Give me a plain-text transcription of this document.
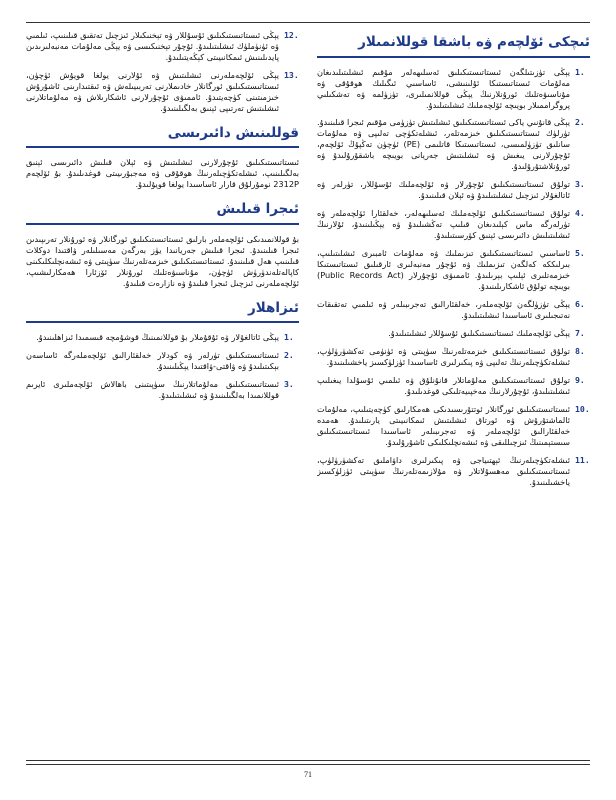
ئىچكى ئۆلچەم ۋە باشقا قوللانمىلار
1.
يېڭى تۈزىتىلگەن ئىستاتىستىكىلىق ئەسلىھەلەر مۇقىم ئىشلىتىلىدىغان مەلۇمات ئىستاتىستىكا ئۇلىنىشى، ئاساسىي ئىگىلىك ھوقۇقى ۋە مۇناسىۋەتلىك ئورۇنلارنىڭ يېڭى قوللانمىلىرى، تۈزۈلمە ۋە تەشكىلىي پروگراممىلار بويىچە ئۆلچەملىك ئىشلىتىلىدۇ.
2.
يېڭى قانۇنىي ياكى ئىستاتىستىكىلىق ئىشلىتىش تۈزۈمى مۇقىم ئىجرا قىلىنىدۇ. تۈرلۈك ئىستاتىستىكىلىق خىزمەتلەر، ئىشلەتكۈچى تەلىپى ۋە مەلۇمات سانلىق تۈزۈلمىسى، ئىستاتىستىكا قاتلىمى (PE) ئۈچۈن تەڭپۇڭ ئۆلچەم، ئۇچۇرلارنى يىغىش ۋە ئىشلىتىش جەريانى بويىچە باشقۇرۇلىدۇ ۋە ئورۇنلاشتۇرۇلىدۇ.
3.
تولۇق ئىستاتىستىكىلىق ئۇچۇرلار ۋە ئۆلچەملىك ئۇسۇللار، تۈرلەر ۋە ئاتالغۇلار ئىزچىل ئىشلىتىلىدۇ ۋە ئېلان قىلىنىدۇ.
4.
تولۇق ئىستاتىستىكىلىق ئۆلچەملىك ئەسلىھەلەر، خەلقئارا ئۆلچەملەر ۋە تۈرلەرگە ماس كېلىدىغان قىلىپ تەڭشىلىدۇ ۋە يېڭىلىنىدۇ، ئۇلارنىڭ ئىشلىتىلىش دائىرىسى ئېنىق كۆرسىتىلىدۇ.
5.
ئاساسىي ئىستاتىستىكىلىق تىزىملىك ۋە مەلۇمات ئامبىرى ئىشلىتىلىپ، بىرلىككە كەلگەن تىزىملىك ۋە ئۇچۇر مەنبەلىرى ئارقىلىق ئىستاتىستىكا خىزمەتلىرى ئېلىپ بېرىلىدۇ. ئاممىۋى ئۇچۇرلار (Public Records Act) بويىچە تولۇق ئاشكارىلىنىدۇ.
6.
يېڭى تۈزۈلگەن ئۆلچەملەر، خەلقئارالىق تەجرىبىلەر ۋە ئىلمىي تەتقىقات نەتىجىلىرى ئاساسىدا ئىشلىتىلىدۇ.
7.
يېڭى ئۆلچەملىك ئىستاتىستىكىلىق ئۇسۇللار ئىشلىتىلىدۇ.
8.
تولۇق ئىستاتىستىكىلىق خىزمەتلەرنىڭ سۈپىتى ۋە ئۈنۈمى تەكشۈرۈلۈپ، ئىشلەتكۈچىلەرنىڭ تەلىپى ۋە پىكىرلىرى ئاساسىدا ئۈزلۈكسىز ياخشىلىنىدۇ.
9.
تولۇق ئىستاتىستىكىلىق مەلۇماتلار قانۇنلۇق ۋە ئىلمىي ئۇسۇلدا يىغىلىپ ئىشلىتىلىدۇ، ئۇچۇرلارنىڭ مەخپىيەتلىكى قوغدىلىدۇ.
10.
ئىستاتىستىكىلىق ئورگانلار ئوتتۇرىسىدىكى ھەمكارلىق كۈچەيتىلىپ، مەلۇمات ئالماشتۇرۇش ۋە ئورتاق ئىشلىتىش ئىمكانىيىتى يارىتىلىدۇ. ھەمدە خەلقئارالىق ئۆلچەملەر ۋە تەجرىبىلەر ئاساسىدا ئىستاتىستىكىلىق سىستېمىنىڭ ئىزچىللىقى ۋە ئىشەنچلىكلىكى ئاشۇرۇلىدۇ.
11.
ئىشلەتكۈچىلەرنىڭ ئېھتىياجى ۋە پىكىرلىرى داۋاملىق تەكشۈرۈلۈپ، ئىستاتىستىكىلىق مەھسۇلاتلار ۋە مۇلازىمەتلەرنىڭ سۈپىتى ئۈزلۈكسىز ياخشىلىنىدۇ.
12.
يېڭى ئىستاتىستىكىلىق ئۇسۇللار ۋە تېخنىكىلار ئىزچىل تەتقىق قىلىنىپ، ئىلمىي ۋە ئۈنۈملۈك ئىشلىتىلىدۇ. ئۇچۇر تېخنىكىسى ۋە يېڭى مەلۇمات مەنبەلىرىدىن پايدىلىنىش ئىمكانىيىتى كېڭەيتىلىدۇ.
13.
يېڭى ئۆلچەملەرنى ئىشلىتىش ۋە ئۇلارنى يولغا قويۇش ئۈچۈن، ئىستاتىستىكىلىق ئورگانلار خادىملارنى تەربىيىلەش ۋە ئىقتىدارىنى ئاشۇرۇش خىزمىتىنى كۈچەيتىدۇ. ئاممىۋى ئۇچۇرلارنى ئاشكارىلاش ۋە مەلۇماتلارنى ئىشلىتىش تەرتىپى ئېنىق بەلگىلىنىدۇ.
قوللىنىش دائىرىسى
ئىستاتىستىكىلىق ئۇچۇرلارنى ئىشلىتىش ۋە ئېلان قىلىش دائىرىسى ئېنىق بەلگىلىنىپ، ئىشلەتكۈچىلەرنىڭ ھوقۇقى ۋە مەجبۇرىيىتى قوغدىلىدۇ. بۇ ئۆلچەم 2312P نومۇرلۇق قارار ئاساسىدا يولغا قويۇلىدۇ.
ئىجرا قىلىش
بۇ قوللانمىدىكى ئۆلچەملەر بارلىق ئىستاتىستىكىلىق ئورگانلار ۋە ئورۇنلار تەرىپىدىن ئىجرا قىلىنىدۇ. ئىجرا قىلىش جەريانىدا يۈز بەرگەن مەسىلىلەر ۋاقتىدا دوكلات قىلىنىپ ھەل قىلىنىدۇ. ئىستاتىستىكىلىق خىزمەتلەرنىڭ سۈپىتى ۋە ئىشەنچلىكلىكىنى كاپالەتلەندۈرۈش ئۈچۈن، مۇناسىۋەتلىك ئورۇنلار ئۆزئارا ھەمكارلىشىپ، ئۆلچەملەرنى ئىزچىل ئىجرا قىلىدۇ ۋە نازارەت قىلىدۇ.
ئىزاھلار
1.
يېڭى ئاتالغۇلار ۋە ئۇقۇملار بۇ قوللانمىنىڭ قوشۇمچە قىسمىدا ئىزاھلىنىدۇ.
2.
ئىستاتىستىكىلىق تۈرلەر ۋە كودلار خەلقئارالىق ئۆلچەملەرگە ئاساسەن بېكىتىلىدۇ ۋە ۋاقتى-ۋاقتىدا يېڭىلىنىدۇ.
3.
ئىستاتىستىكىلىق مەلۇماتلارنىڭ سۈپىتىنى باھالاش ئۆلچەملىرى ئايرىم قوللانمىدا بەلگىلىنىدۇ ۋە ئىشلىتىلىدۇ.
71
